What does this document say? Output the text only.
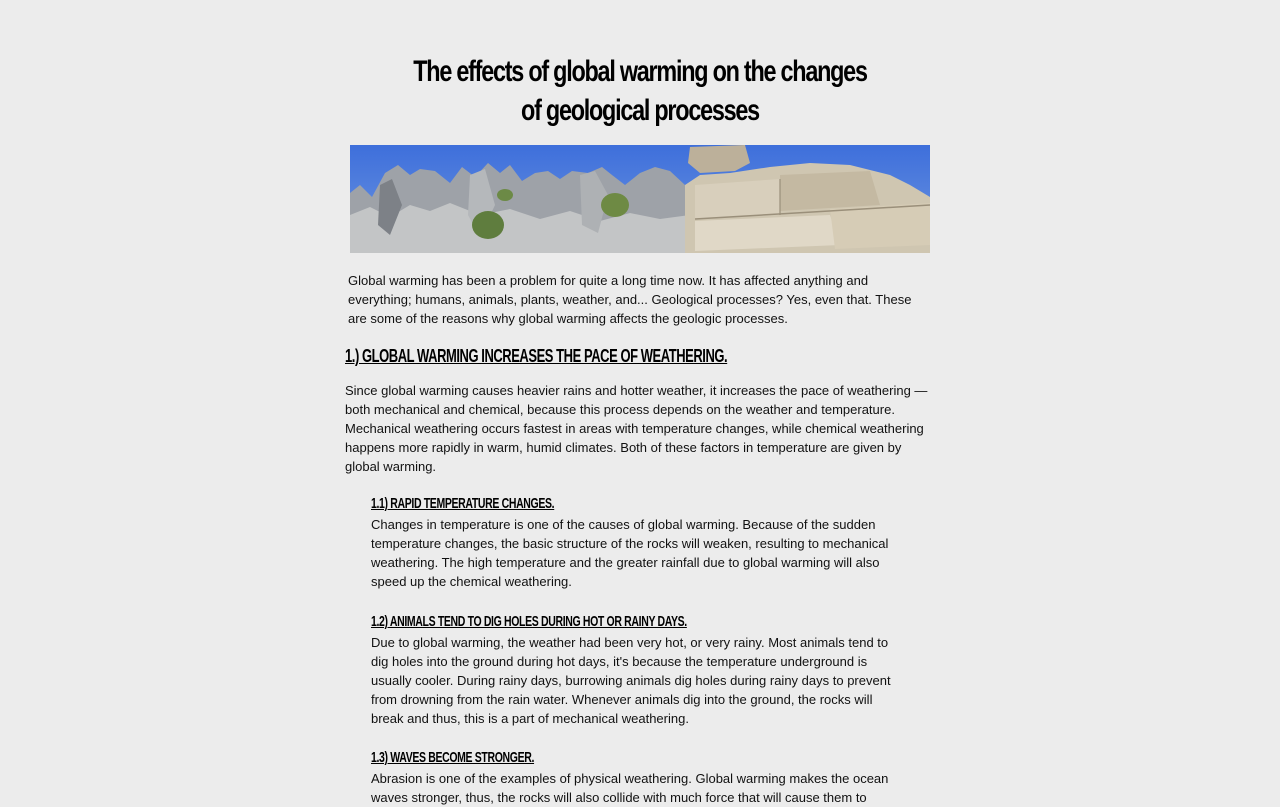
The effects of global warming on the changes of geological processes

Global warming has been a problem for quite a long time now. It has affected anything and everything; humans, animals, plants, weather, and... Geological processes? Yes, even that. These are some of the reasons why global warming affects the geologic processes.

1.) GLOBAL WARMING INCREASES THE PACE OF WEATHERING.

Since global warming causes heavier rains and hotter weather, it increases the pace of weathering — both mechanical and chemical, because this process depends on the weather and temperature. Mechanical weathering occurs fastest in areas with temperature changes, while chemical weathering happens more rapidly in warm, humid climates. Both of these factors in temperature are given by global warming.

1.1) RAPID TEMPERATURE CHANGES.

Changes in temperature is one of the causes of global warming. Because of the sudden temperature changes, the basic structure of the rocks will weaken, resulting to mechanical weathering. The high temperature and the greater rainfall due to global warming will also speed up the chemical weathering.

1.2) ANIMALS TEND TO DIG HOLES DURING HOT OR RAINY DAYS.

Due to global warming, the weather had been very hot, or very rainy. Most animals tend to dig holes into the ground during hot days, it's because the temperature underground is usually cooler. During rainy days, burrowing animals dig holes during rainy days to prevent from drowning from the rain water. Whenever animals dig into the ground, the rocks will break and thus, this is a part of mechanical weathering.

1.3) WAVES BECOME STRONGER.

Abrasion is one of the examples of physical weathering. Global warming makes the ocean waves stronger, thus, the rocks will also collide with much force that will cause them to
